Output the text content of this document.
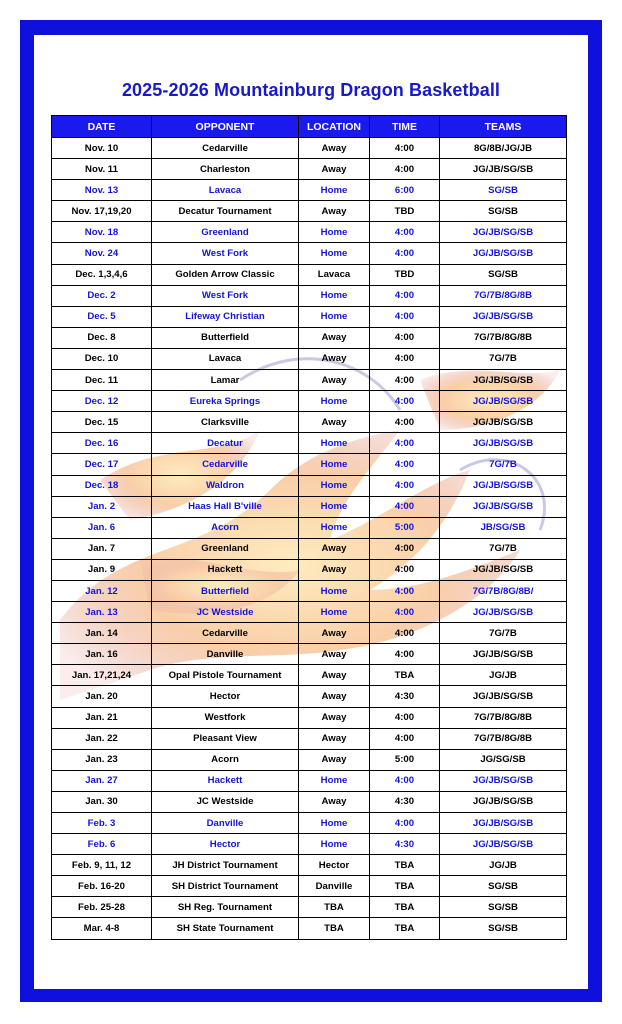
2025-2026 Mountainburg Dragon Basketball
DATE	OPPONENT	LOCATION	TIME	TEAMS
Nov. 10	Cedarville	Away	4:00	8G/8B/JG/JB
Nov. 11	Charleston	Away	4:00	JG/JB/SG/SB
Nov. 13	Lavaca	Home	6:00	SG/SB
Nov. 17,19,20	Decatur Tournament	Away	TBD	SG/SB
Nov. 18	Greenland	Home	4:00	JG/JB/SG/SB
Nov. 24	West Fork	Home	4:00	JG/JB/SG/SB
Dec. 1,3,4,6	Golden Arrow Classic	Lavaca	TBD	SG/SB
Dec. 2	West Fork	Home	4:00	7G/7B/8G/8B
Dec. 5	Lifeway Christian	Home	4:00	JG/JB/SG/SB
Dec. 8	Butterfield	Away	4:00	7G/7B/8G/8B
Dec. 10	Lavaca	Away	4:00	7G/7B
Dec. 11	Lamar	Away	4:00	JG/JB/SG/SB
Dec. 12	Eureka Springs	Home	4:00	JG/JB/SG/SB
Dec. 15	Clarksville	Away	4:00	JG/JB/SG/SB
Dec. 16	Decatur	Home	4:00	JG/JB/SG/SB
Dec. 17	Cedarville	Home	4:00	7G/7B
Dec. 18	Waldron	Home	4:00	JG/JB/SG/SB
Jan. 2	Haas Hall B'ville	Home	4:00	JG/JB/SG/SB
Jan. 6	Acorn	Home	5:00	JB/SG/SB
Jan. 7	Greenland	Away	4:00	7G/7B
Jan. 9	Hackett	Away	4:00	JG/JB/SG/SB
Jan. 12	Butterfield	Home	4:00	7G/7B/8G/8B/
Jan. 13	JC Westside	Home	4:00	JG/JB/SG/SB
Jan. 14	Cedarville	Away	4:00	7G/7B
Jan. 16	Danville	Away	4:00	JG/JB/SG/SB
Jan. 17,21,24	Opal Pistole Tournament	Away	TBA	JG/JB
Jan. 20	Hector	Away	4:30	JG/JB/SG/SB
Jan. 21	Westfork	Away	4:00	7G/7B/8G/8B
Jan. 22	Pleasant View	Away	4:00	7G/7B/8G/8B
Jan. 23	Acorn	Away	5:00	JG/SG/SB
Jan. 27	Hackett	Home	4:00	JG/JB/SG/SB
Jan. 30	JC Westside	Away	4:30	JG/JB/SG/SB
Feb. 3	Danville	Home	4:00	JG/JB/SG/SB
Feb. 6	Hector	Home	4:30	JG/JB/SG/SB
Feb. 9, 11, 12	JH District Tournament	Hector	TBA	JG/JB
Feb. 16-20	SH District Tournament	Danville	TBA	SG/SB
Feb. 25-28	SH Reg. Tournament	TBA	TBA	SG/SB
Mar. 4-8	SH State Tournament	TBA	TBA	SG/SB
